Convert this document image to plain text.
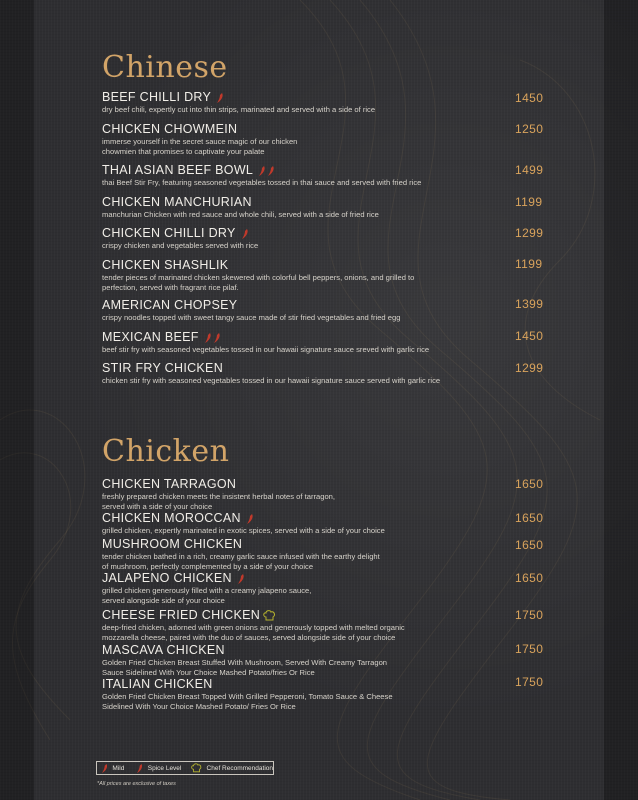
Chinese
BEEF CHILLI DRY
dry beef chili, expertly cut into thin strips, marinated and served with a side of rice
1450
CHICKEN CHOWMEIN
immerse yourself in the secret sauce magic of our chicken
chowmien that promises to captivate your palate
1250
THAI ASIAN BEEF BOWL
thai Beef Stir Fry, featuring seasoned vegetables tossed in thai sauce and served with fried rice
1499
CHICKEN MANCHURIAN
manchurian Chicken with red sauce and whole chili, served with a side of fried rice
1199
CHICKEN CHILLI DRY
crispy chicken and vegetables served with rice
1299
CHICKEN SHASHLIK
tender pieces of marinated chicken skewered with colorful bell peppers, onions, and grilled to
perfection, served with fragrant rice pilaf.
1199
AMERICAN CHOPSEY
crispy noodles topped with sweet tangy sauce made of stir fried vegetables and fried egg
1399
MEXICAN BEEF
beef stir fry with seasoned vegetables tossed in our hawaii signature sauce sreved with garlic rice
1450
STIR FRY CHICKEN
chicken stir fry with seasoned vegetables tossed in our hawaii signature sauce served with garlic rice
1299
Chicken
CHICKEN TARRAGON
freshly prepared chicken meets the insistent herbal notes of tarragon,
served with a side of your choice
1650
CHICKEN MOROCCAN
grilled chicken, expertly marinated in exotic spices, served with a side of your choice
1650
MUSHROOM CHICKEN
tender chicken bathed in a rich, creamy garlic sauce infused with the earthy delight
of mushroom, perfectly complemented by a side of your choice
1650
JALAPENO CHICKEN
grilled chicken generously filled with a creamy jalapeno sauce,
served alongside side of your choice
1650
CHEESE FRIED CHICKEN
deep-fried chicken, adorned with green onions and generously topped with melted organic
mozzarella cheese, paired with the duo of sauces, served alongside side of your choice
1750
MASCAVA CHICKEN
Golden Fried Chicken Breast Stuffed With Mushroom, Served With Creamy Tarragon
Sauce Sidelined With Your Choice Mashed Potato/fries Or Rice
1750
ITALIAN CHICKEN
Golden Fried Chicken Breast Topped With Grilled Pepperoni, Tomato Sauce & Cheese
Sidelined With Your Choice Mashed Potato/ Fries Or Rice
1750
Mild	Spice Level	Chef Recommendation
*All prices are exclusive of taxes
